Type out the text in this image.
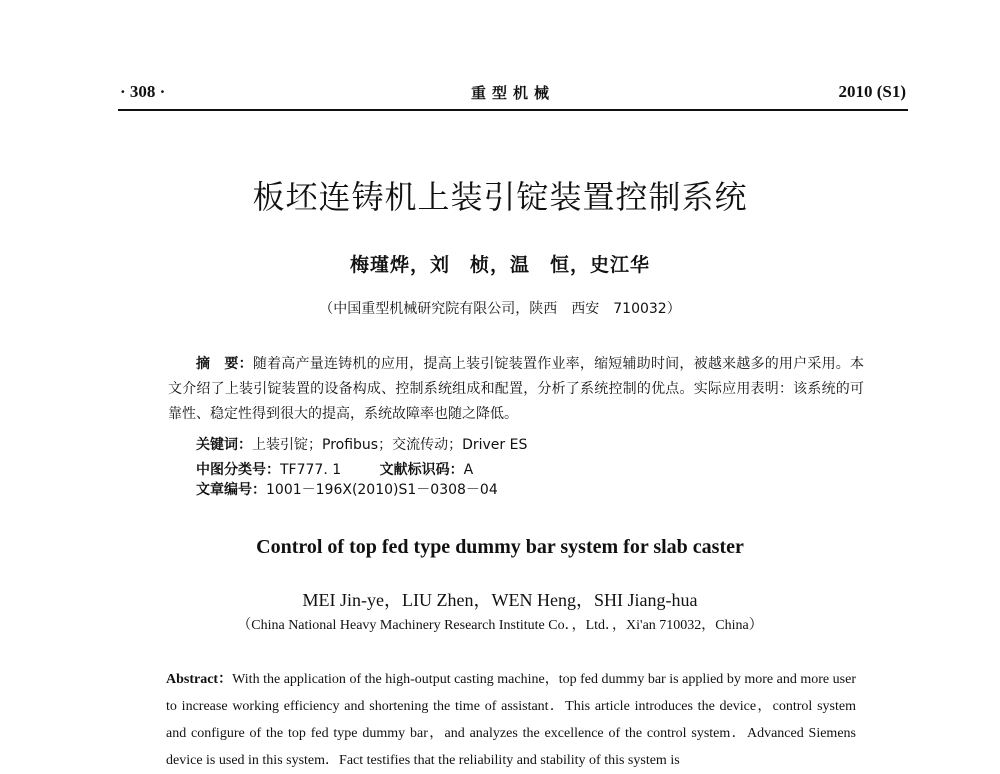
· 308 ·	重型机械	2010 (S1)
板坯连铸机上装引锭装置控制系统
梅瑾烨，刘　桢，温　恒，史江华
（中国重型机械研究院有限公司，陕西　西安　710032）
摘　要：随着高产量连铸机的应用，提高上装引锭装置作业率，缩短辅助时间，被越来越多的用户采用。本文介绍了上装引锭装置的设备构成、控制系统组成和配置，分析了系统控制的优点。实际应用表明：该系统的可靠性、稳定性得到很大的提高，系统故障率也随之降低。
关键词：上装引锭；Profibus；交流传动；Driver ES
中图分类号：TF777. 1	文献标识码：A 文章编号：1001－196X(2010)S1－0308－04
Control of top fed type dummy bar system for slab caster
MEI Jin-ye，LIU Zhen，WEN Heng，SHI Jiang-hua
（China National Heavy Machinery Research Institute Co．，Ltd．，Xi'an 710032，China）
Abstract：With the application of the high-output casting machine，top fed dummy bar is applied by more and more user to increase working efficiency and shortening the time of assistant．This article introduces the device，control system and configure of the top fed type dummy bar，and analyzes the excellence of the control system．Advanced Siemens device is used in this system．Fact testifies that the reliability and stability of this system is
